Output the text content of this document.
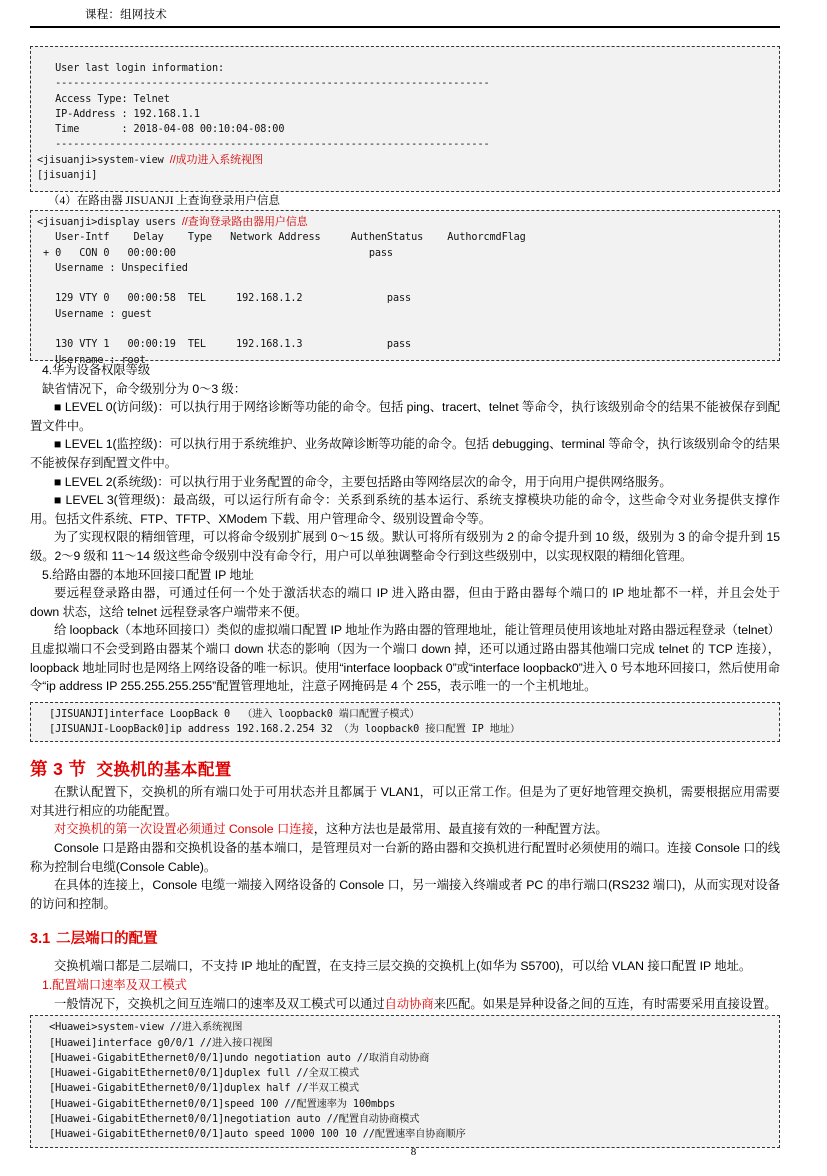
课程：组网技术
User last login information:
------------------------------------------------------------------------
Access Type: Telnet
IP-Address : 192.168.1.1
Time       : 2018-04-08 00:10:04-08:00
------------------------------------------------------------------------
<jisuanji>system-view //成功进入系统视图
[jisuanji]
（4）在路由器 JISUANJI 上查询登录用户信息
<jisuanji>display users //查询登录路由器用户信息
User-Intf    Delay    Type   Network Address     AuthenStatus    AuthorcmdFlag
+ 0   CON 0   00:00:00                                pass
Username : Unspecified

129 VTY 0   00:00:58  TEL     192.168.1.2              pass
Username : guest

130 VTY 1   00:00:19  TEL     192.168.1.3              pass
Username : root

4.华为设备权限等级

缺省情况下，命令级别分为 0～3 级：

■ LEVEL 0(访问级)：可以执行用于网络诊断等功能的命令。包括 ping、tracert、telnet 等命令，执行该级别命令的结果不能被保存到配置文件中。

■ LEVEL 1(监控级)：可以执行用于系统维护、业务故障诊断等功能的命令。包括 debugging、terminal 等命令，执行该级别命令的结果不能被保存到配置文件中。

■ LEVEL 2(系统级)：可以执行用于业务配置的命令，主要包括路由等网络层次的命令，用于向用户提供网络服务。

■ LEVEL 3(管理级)：最高级，可以运行所有命令：关系到系统的基本运行、系统支撑模块功能的命令，这些命令对业务提供支撑作用。包括文件系统、FTP、TFTP、XModem 下载、用户管理命令、级别设置命令等。

为了实现权限的精细管理，可以将命令级别扩展到 0～15 级。默认可将所有级别为 2 的命令提升到 10 级，级别为 3 的命令提升到 15 级。2～9 级和 11～14 级这些命令级别中没有命令行，用户可以单独调整命令行到这些级别中，以实现权限的精细化管理。

5.给路由器的本地环回接口配置 IP 地址

要远程登录路由器，可通过任何一个处于激活状态的端口 IP 进入路由器，但由于路由器每个端口的 IP 地址都不一样，并且会处于 down 状态，这给 telnet 远程登录客户端带来不便。

给 loopback（本地环回接口）类似的虚拟端口配置 IP 地址作为路由器的管理地址，能让管理员使用该地址对路由器远程登录（telnet）且虚拟端口不会受到路由器某个端口 down 状态的影响（因为一个端口 down 掉，还可以通过路由器其他端口完成 telnet 的 TCP 连接），loopback 地址同时也是网络上网络设备的唯一标识。使用“interface loopback 0”或“interface loopback0”进入 0 号本地环回接口，然后使用命令“ip address IP 255.255.255.255”配置管理地址，注意子网掩码是 4 个 255，表示唯一的一个主机地址。

[JISUANJI]interface LoopBack 0  （进入 loopback0 端口配置子模式）
[JISUANJI-LoopBack0]ip address 192.168.2.254 32 （为 loopback0 接口配置 IP 地址）
第 3 节 交换机的基本配置

在默认配置下，交换机的所有端口处于可用状态并且都属于 VLAN1，可以正常工作。但是为了更好地管理交换机，需要根据应用需要对其进行相应的功能配置。

对交换机的第一次设置必须通过 Console 口连接，这种方法也是最常用、最直接有效的一种配置方法。

Console 口是路由器和交换机设备的基本端口，是管理员对一台新的路由器和交换机进行配置时必须使用的端口。连接 Console 口的线称为控制台电缆(Console Cable)。

在具体的连接上，Console 电缆一端接入网络设备的 Console 口，另一端接入终端或者 PC 的串行端口(RS232 端口)，从而实现对设备的访问和控制。

3.1 二层端口的配置

交换机端口都是二层端口，不支持 IP 地址的配置，在支持三层交换的交换机上(如华为 S5700)，可以给 VLAN 接口配置 IP 地址。

1.配置端口速率及双工模式

一般情况下，交换机之间互连端口的速率及双工模式可以通过自动协商来匹配。如果是异种设备之间的互连，有时需要采用直接设置。

<Huawei>system-view //进入系统视图
[Huawei]interface g0/0/1 //进入接口视图
[Huawei-GigabitEthernet0/0/1]undo negotiation auto //取消自动协商
[Huawei-GigabitEthernet0/0/1]duplex full //全双工模式
[Huawei-GigabitEthernet0/0/1]duplex half //半双工模式
[Huawei-GigabitEthernet0/0/1]speed 100 //配置速率为 100mbps
[Huawei-GigabitEthernet0/0/1]negotiation auto //配置自动协商模式
[Huawei-GigabitEthernet0/0/1]auto speed 1000 100 10 //配置速率自协商顺序
8
